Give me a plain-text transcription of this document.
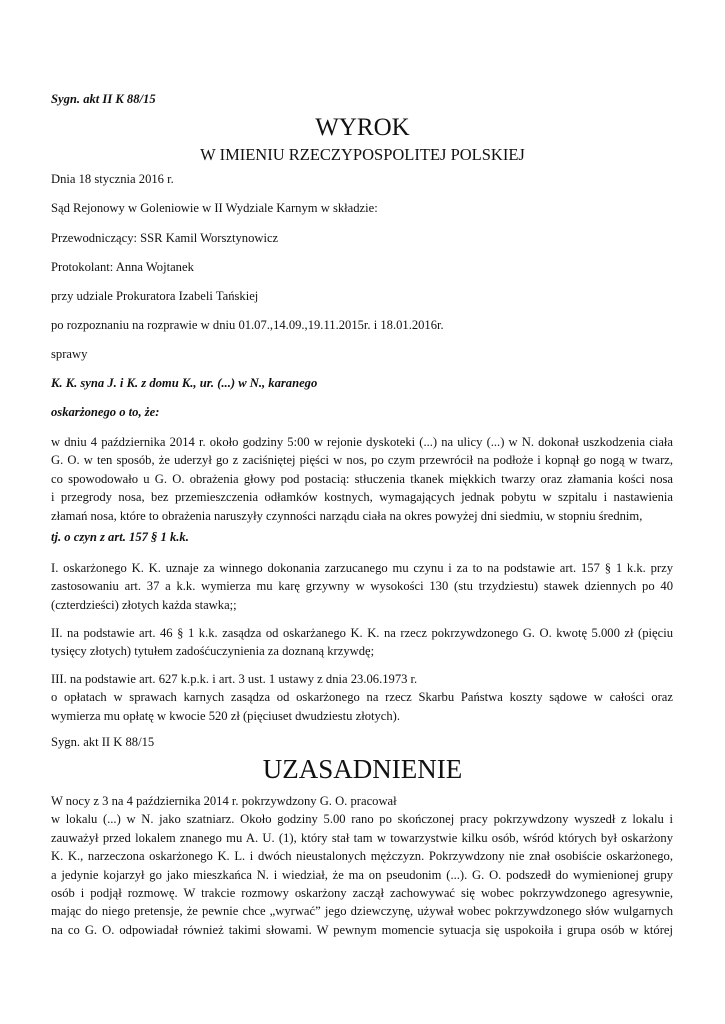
Sygn. akt II K 88/15
WYROK
W IMIENIU RZECZYPOSPOLITEJ POLSKIEJ
Dnia 18 stycznia 2016 r.
Sąd Rejonowy w Goleniowie w II Wydziale Karnym w składzie:
Przewodniczący: SSR Kamil Worsztynowicz
Protokolant: Anna Wojtanek
przy udziale Prokuratora Izabeli Tańskiej
po rozpoznaniu na rozprawie w dniu 01.07.,14.09.,19.11.2015r. i 18.01.2016r.
sprawy
K. K. syna J. i K. z domu K., ur. (...) w N., karanego
oskarżonego o to, że:
w dniu 4 października 2014 r. około godziny 5:00 w rejonie dyskoteki (...) na ulicy (...) w N. dokonał uszkodzenia ciała
G. O. w ten sposób, że uderzył go z zaciśniętej pięści w nos, po czym przewrócił na podłoże i kopnął go nogą w twarz,
co spowodowało u G. O. obrażenia głowy pod postacią: stłuczenia tkanek miękkich twarzy oraz złamania kości nosa
i przegrody nosa, bez przemieszczenia odłamków kostnych, wymagających jednak pobytu w szpitalu i nastawienia
złamań nosa, które to obrażenia naruszyły czynności narządu ciała na okres powyżej dni siedmiu, w stopniu średnim,
tj. o czyn z art. 157 § 1 k.k.
I. oskarżonego K. K. uznaje za winnego dokonania zarzucanego mu czynu i za to na podstawie art. 157 § 1 k.k. przy
zastosowaniu art. 37 a k.k. wymierza mu karę grzywny w wysokości 130 (stu trzydziestu) stawek dziennych po 40
(czterdzieści) złotych każda stawka;;
II. na podstawie art. 46 § 1 k.k. zasądza od oskarżanego K. K. na rzecz pokrzywdzonego G. O. kwotę 5.000 zł (pięciu
tysięcy złotych) tytułem zadośćuczynienia za doznaną krzywdę;
III. na podstawie art. 627 k.p.k. i art. 3 ust. 1 ustawy z dnia 23.06.1973 r.
o opłatach w sprawach karnych zasądza od oskarżonego na rzecz Skarbu Państwa koszty sądowe w całości oraz
wymierza mu opłatę w kwocie 520 zł (pięciuset dwudziestu złotych).
Sygn. akt II K 88/15
UZASADNIENIE
W nocy z 3 na 4 października 2014 r. pokrzywdzony G. O. pracował
w lokalu (...) w N. jako szatniarz. Około godziny 5.00 rano po skończonej pracy pokrzywdzony wyszedł z lokalu i
zauważył przed lokalem znanego mu A. U. (1), który stał tam w towarzystwie kilku osób, wśród których był oskarżony
K. K., narzeczona oskarżonego K. L. i dwóch nieustalonych mężczyzn. Pokrzywdzony nie znał osobiście oskarżonego,
a jedynie kojarzył go jako mieszkańca N. i wiedział, że ma on pseudonim (...). G. O. podszedł do wymienionej grupy
osób i podjął rozmowę. W trakcie rozmowy oskarżony zaczął zachowywać się wobec pokrzywdzonego agresywnie,
mając do niego pretensje, że pewnie chce „wyrwać” jego dziewczynę, używał wobec pokrzywdzonego słów wulgarnych
na co G. O. odpowiadał również takimi słowami. W pewnym momencie sytuacja się uspokoiła i grupa osób w której
